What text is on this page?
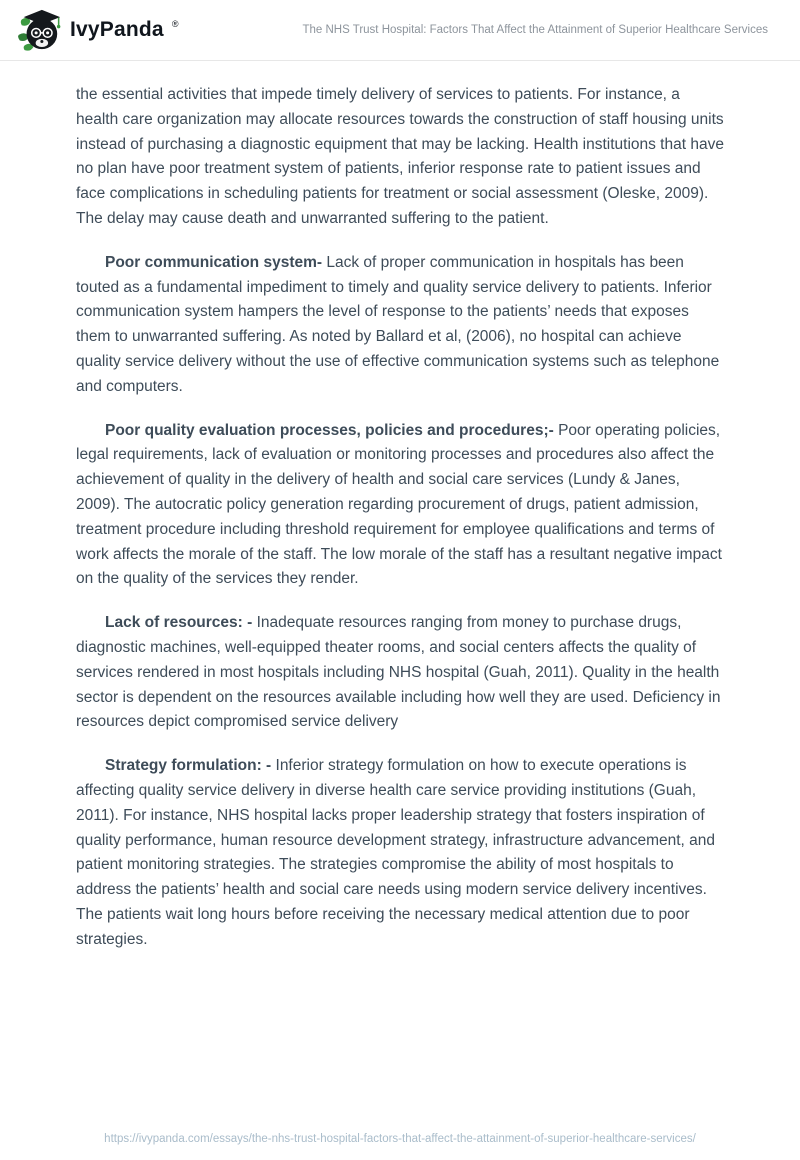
IvyPanda ®	The NHS Trust Hospital: Factors That Affect the Attainment of Superior Healthcare Services

the essential activities that impede timely delivery of services to patients. For instance, a health care organization may allocate resources towards the construction of staff housing units instead of purchasing a diagnostic equipment that may be lacking. Health institutions that have no plan have poor treatment system of patients, inferior response rate to patient issues and face complications in scheduling patients for treatment or social assessment (Oleske, 2009). The delay may cause death and unwarranted suffering to the patient.

Poor communication system- Lack of proper communication in hospitals has been touted as a fundamental impediment to timely and quality service delivery to patients. Inferior communication system hampers the level of response to the patients’ needs that exposes them to unwarranted suffering. As noted by Ballard et al, (2006), no hospital can achieve quality service delivery without the use of effective communication systems such as telephone and computers.

Poor quality evaluation processes, policies and procedures;- Poor operating policies, legal requirements, lack of evaluation or monitoring processes and procedures also affect the achievement of quality in the delivery of health and social care services (Lundy & Janes, 2009). The autocratic policy generation regarding procurement of drugs, patient admission, treatment procedure including threshold requirement for employee qualifications and terms of work affects the morale of the staff. The low morale of the staff has a resultant negative impact on the quality of the services they render.

Lack of resources: - Inadequate resources ranging from money to purchase drugs, diagnostic machines, well-equipped theater rooms, and social centers affects the quality of services rendered in most hospitals including NHS hospital (Guah, 2011). Quality in the health sector is dependent on the resources available including how well they are used. Deficiency in resources depict compromised service delivery

Strategy formulation: - Inferior strategy formulation on how to execute operations is affecting quality service delivery in diverse health care service providing institutions (Guah, 2011). For instance, NHS hospital lacks proper leadership strategy that fosters inspiration of quality performance, human resource development strategy, infrastructure advancement, and patient monitoring strategies. The strategies compromise the ability of most hospitals to address the patients’ health and social care needs using modern service delivery incentives. The patients wait long hours before receiving the necessary medical attention due to poor strategies.

https://ivypanda.com/essays/the-nhs-trust-hospital-factors-that-affect-the-attainment-of-superior-healthcare-services/
